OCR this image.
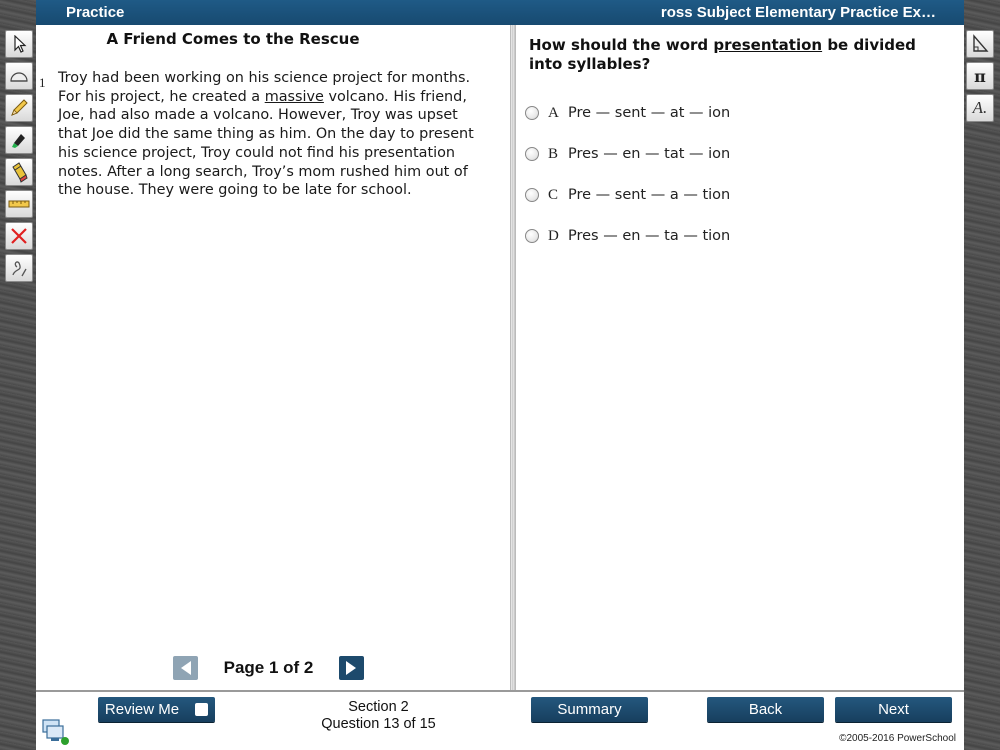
Practice	ross Subject Elementary Practice Ex…
π
A.
A Friend Comes to the Rescue
1 Troy had been working on his science project for months. For his project, he created a massive volcano. His friend, Joe, had also made a volcano. However, Troy was upset that Joe did the same thing as him. On the day to present his science project, Troy could not find his presentation notes. After a long search, Troy’s mom rushed him out of the house. They were going to be late for school.
Page 1 of 2
How should the word presentation be divided into syllables?
A Pre — sent — at — ion
B Pres — en — tat — ion
C Pre — sent — a — tion
D Pres — en — ta — tion
Review Me	Section 2
Question 13 of 15
Summary	Back	Next
©2005-2016 PowerSchool
